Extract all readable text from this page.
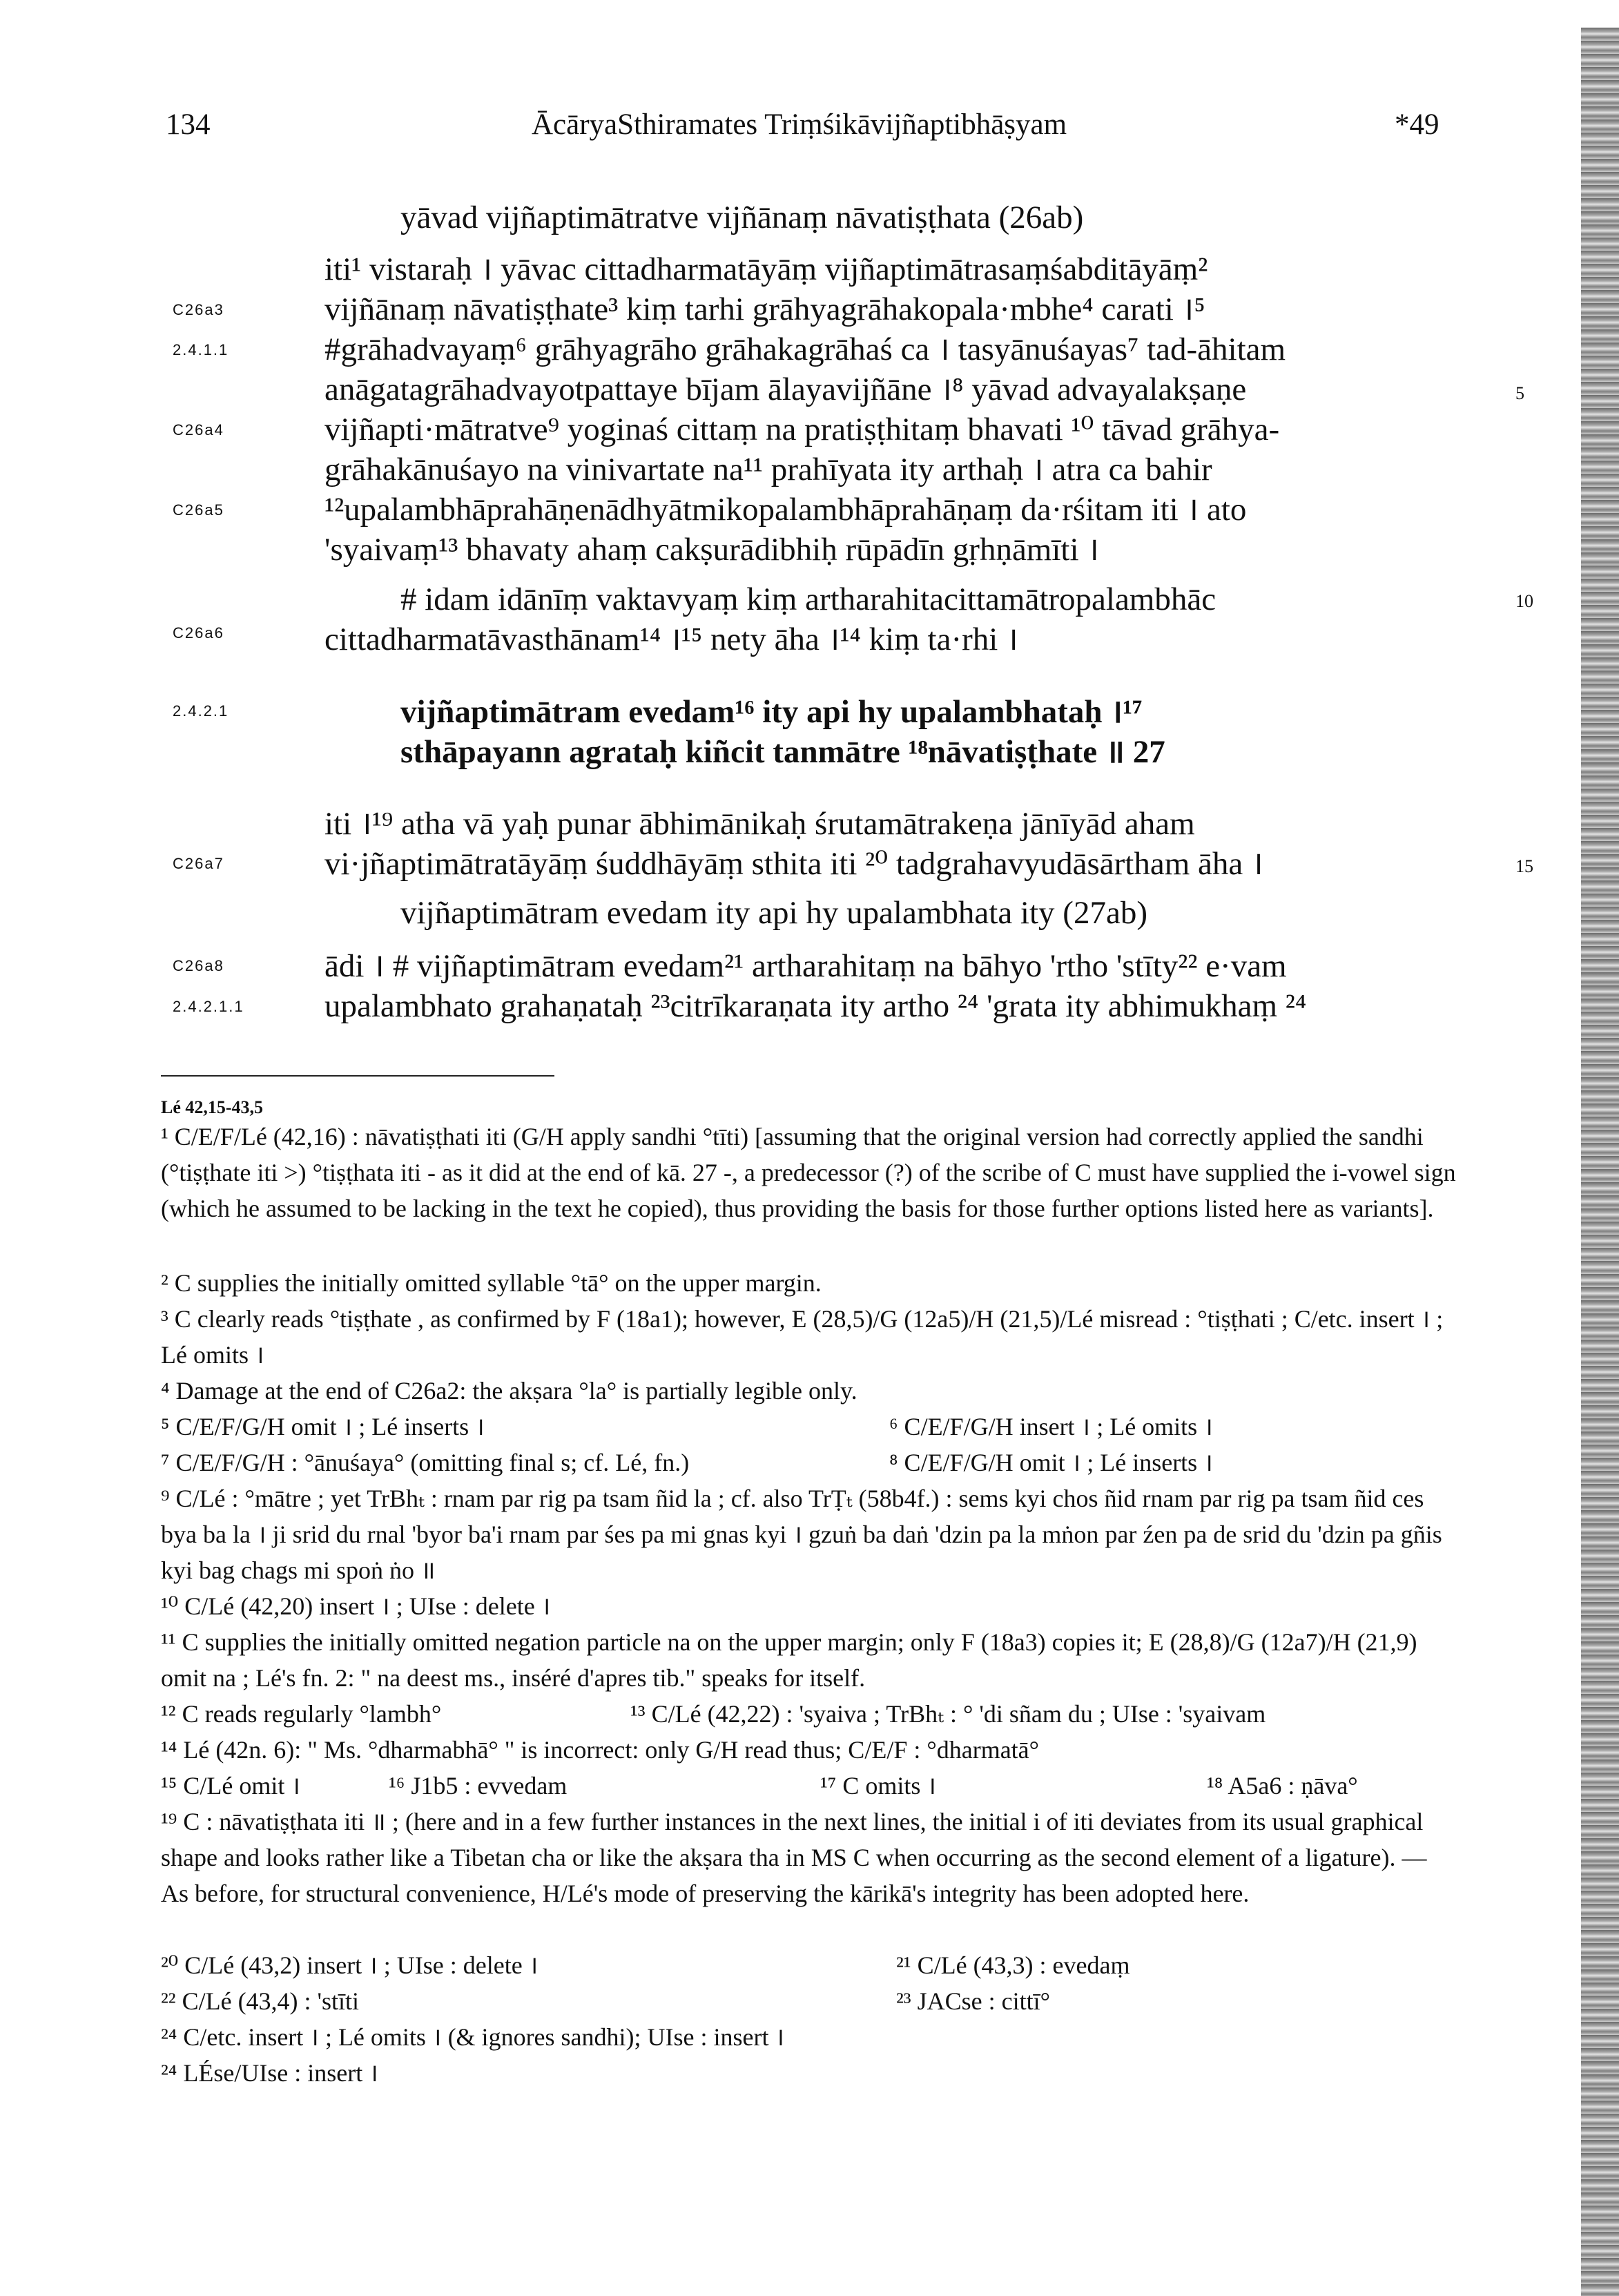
134	ĀcāryaSthiramates Triṃśikāvijñaptibhāṣyam	*49
C26a3
2.4.1.1
C26a4
C26a5
C26a6
2.4.2.1
C26a7
C26a8
2.4.2.1.1
5
10
15
yāvad vijñaptimātratve vijñānaṃ nāvatiṣṭhata (26ab)
iti¹ vistaraḥ । yāvac cittadharmatāyāṃ vijñaptimātrasaṃśabditāyāṃ²
vijñānaṃ nāvatiṣṭhate³ kiṃ tarhi grāhyagrāhakopala·mbhe⁴ carati ।⁵
#grāhadvayaṃ⁶ grāhyagrāho grāhakagrāhaś ca । tasyānuśayas⁷ tad-āhitam
anāgatagrāhadvayotpattaye bījam ālayavijñāne ।⁸ yāvad advayalakṣaṇe
vijñapti·mātratve⁹ yoginaś cittaṃ na pratiṣṭhitaṃ bhavati ¹⁰ tāvad grāhya-
grāhakānuśayo na vinivartate na¹¹ prahīyata ity arthaḥ । atra ca bahir
¹²upalambhāprahāṇenādhyātmikopalambhāprahāṇaṃ da·rśitam iti । ato
'syaivaṃ¹³ bhavaty ahaṃ cakṣurādibhiḥ rūpādīn gṛhṇāmīti ।
# idam idānīṃ vaktavyaṃ kiṃ artharahitacittamātropalambhāc
cittadharmatāvasthānam¹⁴ ।¹⁵ nety āha ।¹⁴ kiṃ ta·rhi ।
vijñaptimātram evedam¹⁶ ity api hy upalambhataḥ ।¹⁷
sthāpayann agrataḥ kiñcit tanmātre ¹⁸nāvatiṣṭhate ॥ 27
iti ।¹⁹ atha vā yaḥ punar ābhimānikaḥ śrutamātrakeṇa jānīyād aham
vi·jñaptimātratāyāṃ śuddhāyāṃ sthita iti ²⁰ tadgrahavyudāsārtham āha ।
vijñaptimātram evedam ity api hy upalambhata ity (27ab)
ādi । # vijñaptimātram evedam²¹ artharahitaṃ na bāhyo 'rtho 'stīty²² e·vam
upalambhato grahaṇataḥ ²³citrīkaraṇata ity artho ²⁴ 'grata ity abhimukhaṃ ²⁴
Lé 42,15-43,5
¹ C/E/F/Lé (42,16) : nāvatiṣṭhati iti (G/H apply sandhi °tīti) [assuming that the original version had correctly applied the sandhi (°tiṣṭhate iti >) °tiṣṭhata iti - as it did at the end of kā. 27 -, a predecessor (?) of the scribe of C must have supplied the i-vowel sign (which he assumed to be lacking in the text he copied), thus providing the basis for those further options listed here as variants].
² C supplies the initially omitted syllable °tā° on the upper margin.
³ C clearly reads °tiṣṭhate , as confirmed by F (18a1); however, E (28,5)/G (12a5)/H (21,5)/Lé misread : °tiṣṭhati ; C/etc. insert । ; Lé omits ।
⁴ Damage at the end of C26a2: the akṣara °la° is partially legible only.
⁵ C/E/F/G/H omit । ; Lé inserts ।	⁶ C/E/F/G/H insert । ; Lé omits ।
⁷ C/E/F/G/H : °ānuśaya° (omitting final s; cf. Lé, fn.)	⁸ C/E/F/G/H omit । ; Lé inserts ।
⁹ C/Lé : °mātre ; yet TrBhₜ : rnam par rig pa tsam ñid la ; cf. also TrṬₜ (58b4f.) : sems kyi chos ñid rnam par rig pa tsam ñid ces bya ba la । ji srid du rnal 'byor ba'i rnam par śes pa mi gnas kyi । gzuṅ ba daṅ 'dzin pa la mṅon par źen pa de srid du 'dzin pa gñis kyi bag chags mi spoṅ ṅo ॥
¹⁰ C/Lé (42,20) insert । ; UIse : delete ।
¹¹ C supplies the initially omitted negation particle na on the upper margin; only F (18a3) copies it; E (28,8)/G (12a7)/H (21,9) omit na ; Lé's fn. 2: " na deest ms., inséré d'apres tib." speaks for itself.
¹² C reads regularly °lambh°	¹³ C/Lé (42,22) : 'syaiva ; TrBhₜ : ° 'di sñam du ; UIse : 'syaivam
¹⁴ Lé (42n. 6): " Ms. °dharmabhā° " is incorrect: only G/H read thus; C/E/F : °dharmatā°
¹⁵ C/Lé omit ।	¹⁶ J1b5 : evvedam	¹⁷ C omits ।	¹⁸ A5a6 : ṇāva°
¹⁹ C : nāvatiṣṭhata iti ॥ ; (here and in a few further instances in the next lines, the initial i of iti deviates from its usual graphical shape and looks rather like a Tibetan cha or like the akṣara tha in MS C when occurring as the second element of a ligature). — As before, for structural convenience, H/Lé's mode of preserving the kārikā's integrity has been adopted here.
²⁰ C/Lé (43,2) insert । ; UIse : delete ।	²¹ C/Lé (43,3) : evedaṃ
²² C/Lé (43,4) : 'stīti	²³ JACse : cittī°
²⁴ C/etc. insert । ; Lé omits । (& ignores sandhi); UIse : insert ।
²⁴ LÉse/UIse : insert ।
